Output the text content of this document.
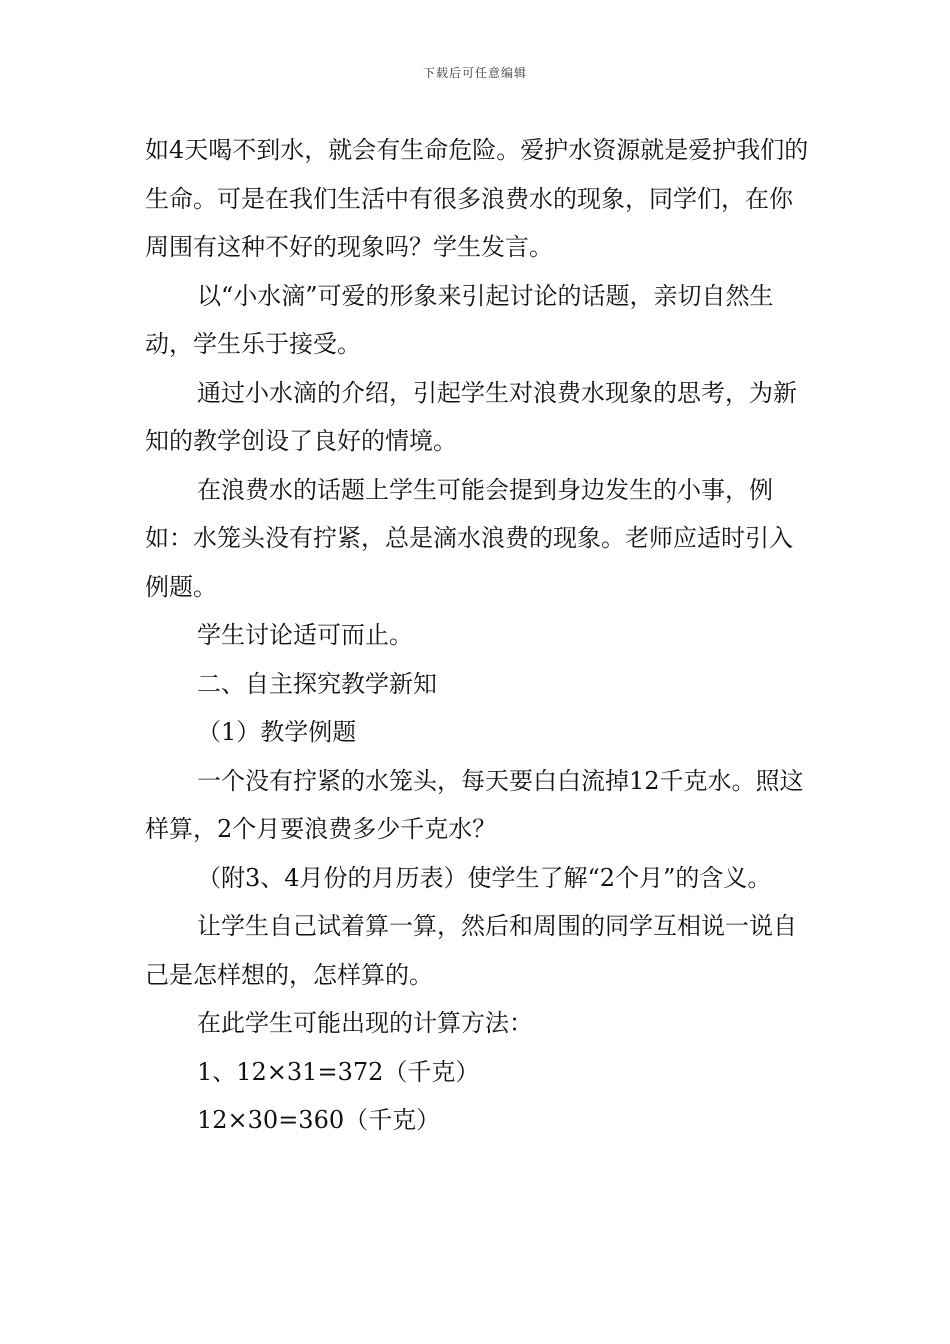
下载后可任意编辑

如4天喝不到水，就会有生命危险。爱护水资源就是爱护我们的生命。可是在我们生活中有很多浪费水的现象，同学们，在你周围有这种不好的现象吗？学生发言。

以“小水滴”可爱的形象来引起讨论的话题，亲切自然生动，学生乐于接受。

通过小水滴的介绍，引起学生对浪费水现象的思考，为新知的教学创设了良好的情境。

在浪费水的话题上学生可能会提到身边发生的小事，例如：水笼头没有拧紧，总是滴水浪费的现象。老师应适时引入例题。

学生讨论适可而止。

二、自主探究教学新知

（1）教学例题

一个没有拧紧的水笼头，每天要白白流掉12千克水。照这样算，2个月要浪费多少千克水？

（附3、4月份的月历表）使学生了解“2个月”的含义。

让学生自己试着算一算，然后和周围的同学互相说一说自己是怎样想的，怎样算的。

在此学生可能出现的计算方法：

1、12×31=372（千克）

12×30=360（千克）
